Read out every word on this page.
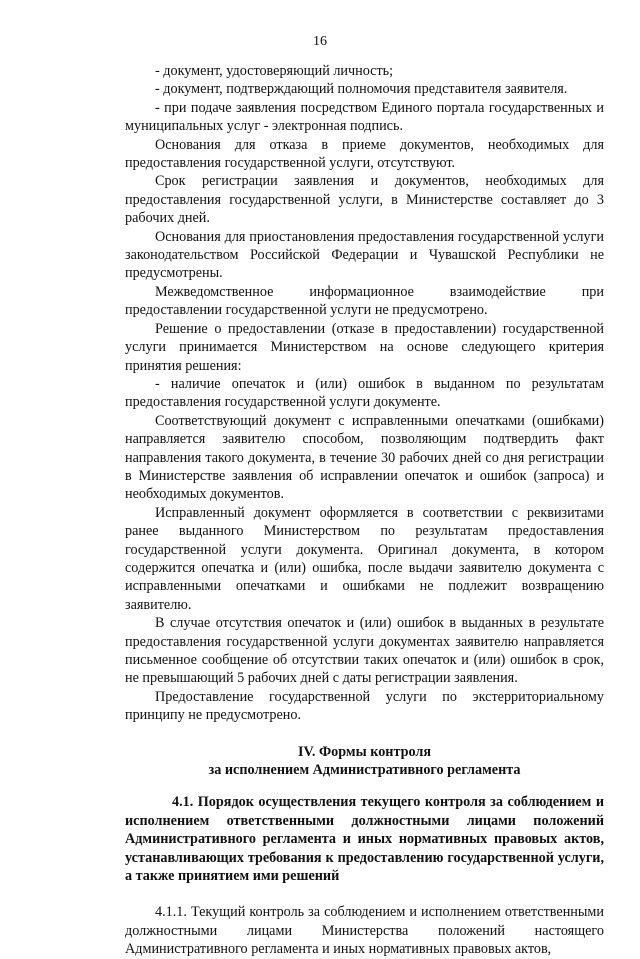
16

- документ, удостоверяющий личность;

- документ, подтверждающий полномочия представителя заявителя.

- при подаче заявления посредством Единого портала государственных и муниципальных услуг - электронная подпись.

Основания для отказа в приеме документов, необходимых для предоставления государственной услуги, отсутствуют.

Срок регистрации заявления и документов, необходимых для предоставления государственной услуги, в Министерстве составляет до 3 рабочих дней.

Основания для приостановления предоставления государственной услуги законодательством Российской Федерации и Чувашской Республики не предусмотрены.

Межведомственное информационное взаимодействие при предоставлении государственной услуги не предусмотрено.

Решение о предоставлении (отказе в предоставлении) государственной услуги принимается Министерством на основе следующего критерия принятия решения:

- наличие опечаток и (или) ошибок в выданном по результатам предоставления государственной услуги документе.

Соответствующий документ с исправленными опечатками (ошибками) направляется заявителю способом, позволяющим подтвердить факт направления такого документа, в течение 30 рабочих дней со дня регистрации в Министерстве заявления об исправлении опечаток и ошибок (запроса) и необходимых документов.

Исправленный документ оформляется в соответствии с реквизитами ранее выданного Министерством по результатам предоставления государственной услуги документа. Оригинал документа, в котором содержится опечатка и (или) ошибка, после выдачи заявителю документа с исправленными опечатками и ошибками не подлежит возвращению заявителю.

В случае отсутствия опечаток и (или) ошибок в выданных в результате предоставления государственной услуги документах заявителю направляется письменное сообщение об отсутствии таких опечаток и (или) ошибок в срок, не превышающий 5 рабочих дней с даты регистрации заявления.

Предоставление государственной услуги по экстерриториальному принципу не предусмотрено.

IV. Формы контроля
за исполнением Административного регламента

4.1. Порядок осуществления текущего контроля за соблюдением и исполнением ответственными должностными лицами положений Административного регламента и иных нормативных правовых актов, устанавливающих требования к предоставлению государственной услуги, а также принятием ими решений

4.1.1. Текущий контроль за соблюдением и исполнением ответственными должностными лицами Министерства положений настоящего Административного регламента и иных нормативных правовых актов,
